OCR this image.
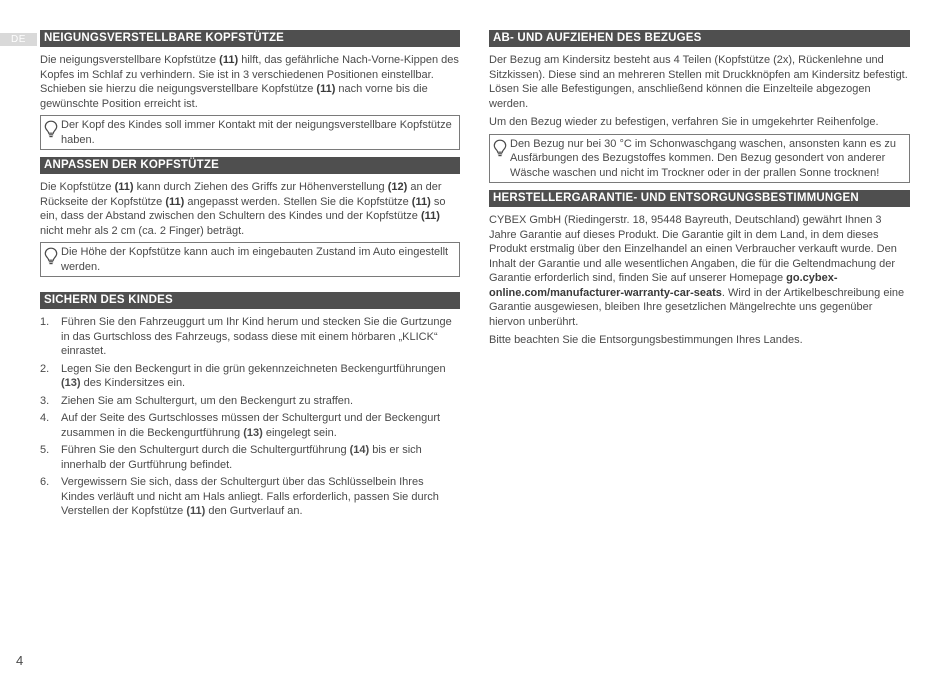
DE	NEIGUNGSVERSTELLBARE KOPFSTÜTZE

Die neigungsverstellbare Kopfstütze (11) hilft, das gefährliche Nach-Vorne-Kippen des Kopfes im Schlaf zu verhindern. Sie ist in 3 verschiedenen Positionen einstellbar. Schieben sie hierzu die neigungsverstellbare Kopfstütze (11) nach vorne bis die gewünschte Position erreicht ist.

Der Kopf des Kindes soll immer Kontakt mit der neigungsverstellbare Kopfstütze haben.
ANPASSEN DER KOPFSTÜTZE

Die Kopfstütze (11) kann durch Ziehen des Griffs zur Höhenverstellung (12) an der Rückseite der Kopfstütze (11) angepasst werden. Stellen Sie die Kopfstütze (11) so ein, dass der Abstand zwischen den Schultern des Kindes und der Kopfstütze (11) nicht mehr als 2 cm (ca. 2 Finger) beträgt.

Die Höhe der Kopfstütze kann auch im eingebauten Zustand im Auto eingestellt werden.
SICHERN DES KINDES
1. Führen Sie den Fahrzeuggurt um Ihr Kind herum und stecken Sie die Gurtzunge in das Gurtschloss des Fahrzeugs, sodass diese mit einem hörbaren „KLICK“ einrastet.
2. Legen Sie den Beckengurt in die grün gekennzeichneten Beckengurtführungen (13) des Kindersitzes ein.
3. Ziehen Sie am Schultergurt, um den Beckengurt zu straffen.
4. Auf der Seite des Gurtschlosses müssen der Schultergurt und der Beckengurt zusammen in die Beckengurtführung (13) eingelegt sein.
5. Führen Sie den Schultergurt durch die Schultergurtführung (14) bis er sich innerhalb der Gurtführung befindet.
6. Vergewissern Sie sich, dass der Schultergurt über das Schlüsselbein Ihres Kindes verläuft und nicht am Hals anliegt. Falls erforderlich, passen Sie durch Verstellen der Kopfstütze (11) den Gurtverlauf an.
AB- UND AUFZIEHEN DES BEZUGES

Der Bezug am Kindersitz besteht aus 4 Teilen (Kopfstütze (2x), Rückenlehne und Sitzkissen). Diese sind an mehreren Stellen mit Druckknöpfen am Kindersitz befestigt. Lösen Sie alle Befestigungen, anschließend können die Einzelteile abgezogen werden.

Um den Bezug wieder zu befestigen, verfahren Sie in umgekehrter Reihenfolge.

Den Bezug nur bei 30 °C im Schonwaschgang waschen, ansonsten kann es zu Ausfärbungen des Bezugstoffes kommen. Den Bezug gesondert von anderer Wäsche waschen und nicht im Trockner oder in der prallen Sonne trocknen!
HERSTELLERGARANTIE- UND ENTSORGUNGSBESTIMMUNGEN

CYBEX GmbH (Riedingerstr. 18, 95448 Bayreuth, Deutschland) gewährt Ihnen 3 Jahre Garantie auf dieses Produkt. Die Garantie gilt in dem Land, in dem dieses Produkt erstmalig über den Einzelhandel an einen Verbraucher verkauft wurde. Den Inhalt der Garantie und alle wesentlichen Angaben, die für die Geltendmachung der Garantie erforderlich sind, finden Sie auf unserer Homepage go.cybex-online.com/manufacturer-warranty-car-seats. Wird in der Artikelbeschreibung eine Garantie ausgewiesen, bleiben Ihre gesetzlichen Mängelrechte uns gegenüber hiervon unberührt.

Bitte beachten Sie die Entsorgungsbestimmungen Ihres Landes.

4
